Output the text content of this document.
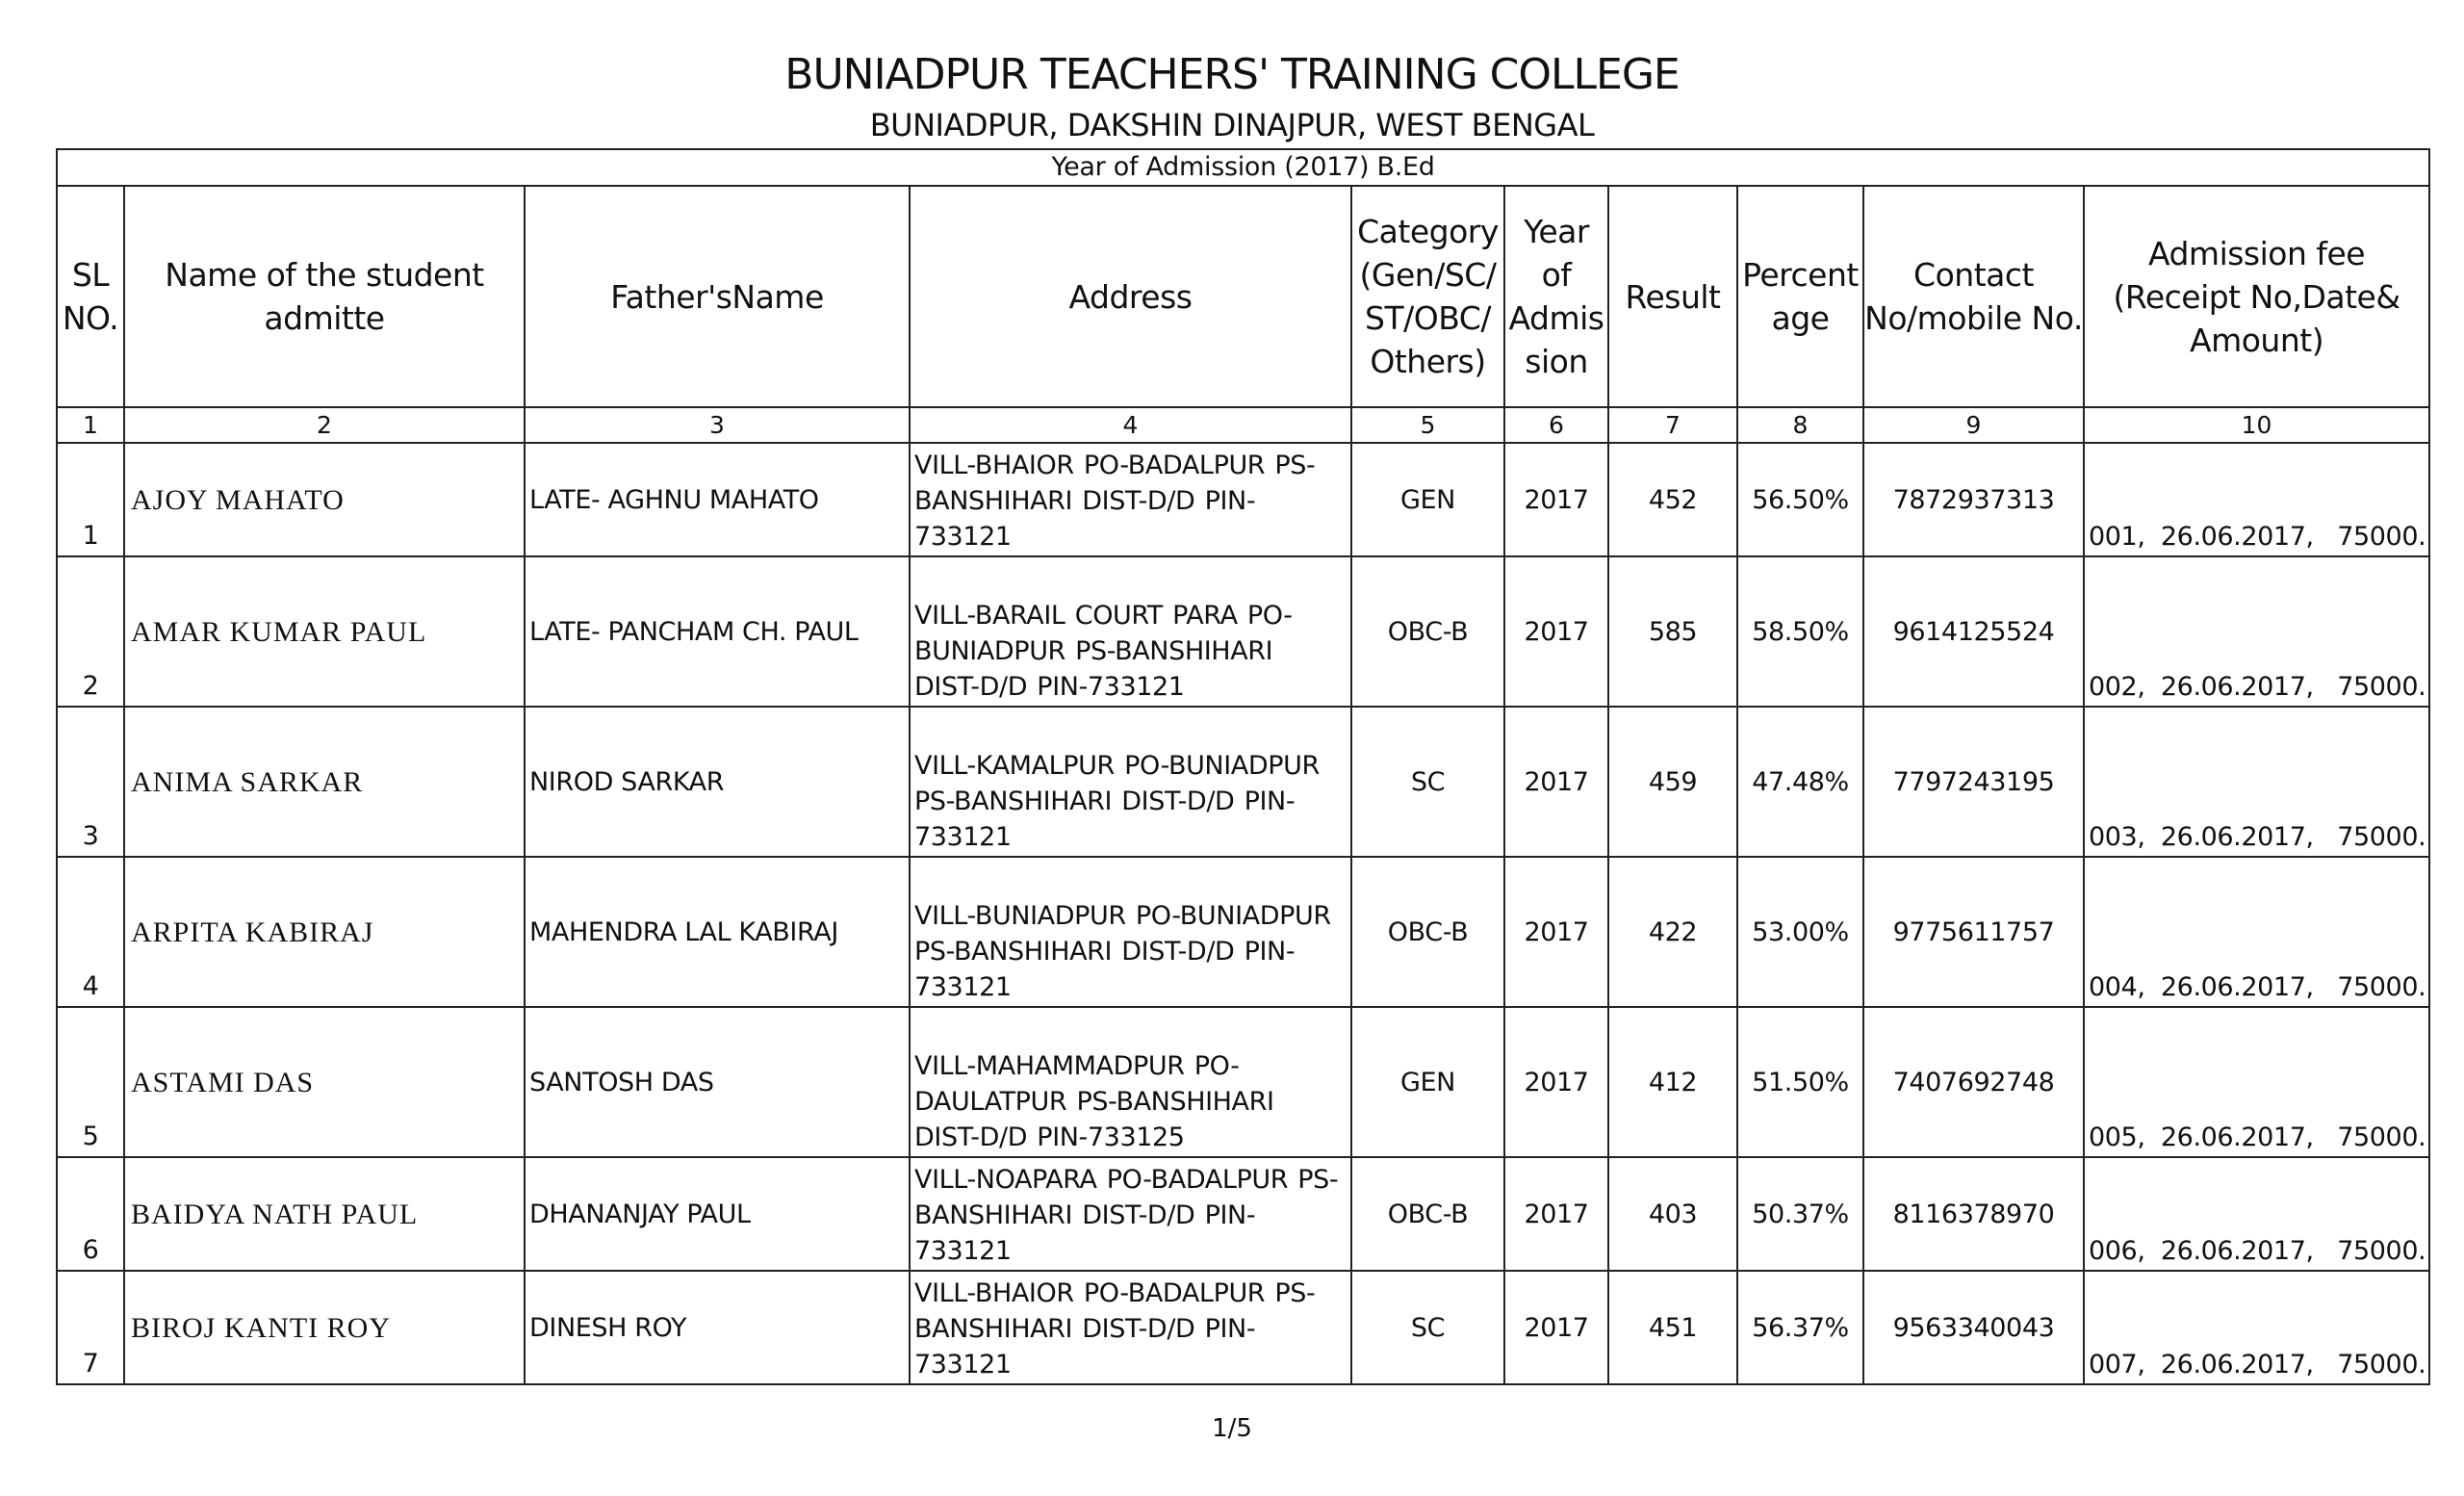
BUNIADPUR TEACHERS' TRAINING COLLEGE
BUNIADPUR, DAKSHIN DINAJPUR, WEST BENGAL
Year of Admission (2017) B.Ed									
SL NO.	Name of the student admitte	Father'sName	Address	Category (Gen/SC/ ST/OBC/ Others)	Year of Admis sion	Result	Percent age	Contact No/mobile No.	Admission fee (Receipt No,Date& Amount)
1	2	3	4	5	6	7	8	9	10
1	AJOY MAHATO	LATE- AGHNU MAHATO	VILL-BHAIOR PO-BADALPUR PS-BANSHIHARI DIST-D/D PIN-733121	GEN	2017	452	56.50%	7872937313	001,  26.06.2017,   75000.
2	AMAR KUMAR PAUL	LATE- PANCHAM CH. PAUL	VILL-BARAIL COURT PARA PO-BUNIADPUR PS-BANSHIHARI DIST-D/D PIN-733121	OBC-B	2017	585	58.50%	9614125524	002,  26.06.2017,   75000.
3	ANIMA SARKAR	NIROD SARKAR	VILL-KAMALPUR PO-BUNIADPUR PS-BANSHIHARI DIST-D/D PIN-733121	SC	2017	459	47.48%	7797243195	003,  26.06.2017,   75000.
4	ARPITA KABIRAJ	MAHENDRA LAL KABIRAJ	VILL-BUNIADPUR PO-BUNIADPUR PS-BANSHIHARI DIST-D/D PIN-733121	OBC-B	2017	422	53.00%	9775611757	004,  26.06.2017,   75000.
5	ASTAMI DAS	SANTOSH DAS	VILL-MAHAMMADPUR PO-DAULATPUR PS-BANSHIHARI DIST-D/D PIN-733125	GEN	2017	412	51.50%	7407692748	005,  26.06.2017,   75000.
6	BAIDYA NATH PAUL	DHANANJAY PAUL	VILL-NOAPARA PO-BADALPUR PS-BANSHIHARI DIST-D/D PIN-733121	OBC-B	2017	403	50.37%	8116378970	006,  26.06.2017,   75000.
7	BIROJ KANTI ROY	DINESH ROY	VILL-BHAIOR PO-BADALPUR PS-BANSHIHARI DIST-D/D PIN-733121	SC	2017	451	56.37%	9563340043	007,  26.06.2017,   75000.
1/5
